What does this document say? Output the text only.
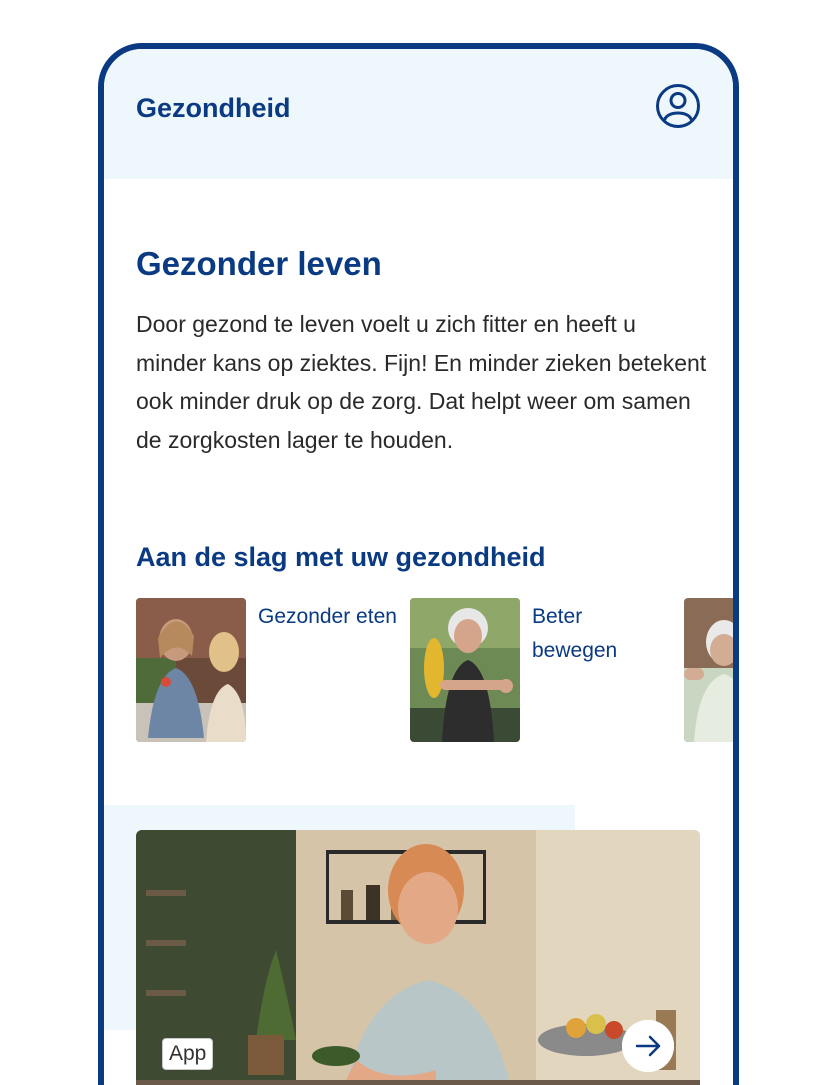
Gezondheid
Gezonder leven

Door gezond te leven voelt u zich fitter en heeft u minder kans op ziektes. Fijn! En minder zieken betekent ook minder druk op de zorg. Dat helpt weer om samen de zorgkosten lager te houden.

Aan de slag met uw gezondheid
Gezonder eten	Beter bewegen
App
